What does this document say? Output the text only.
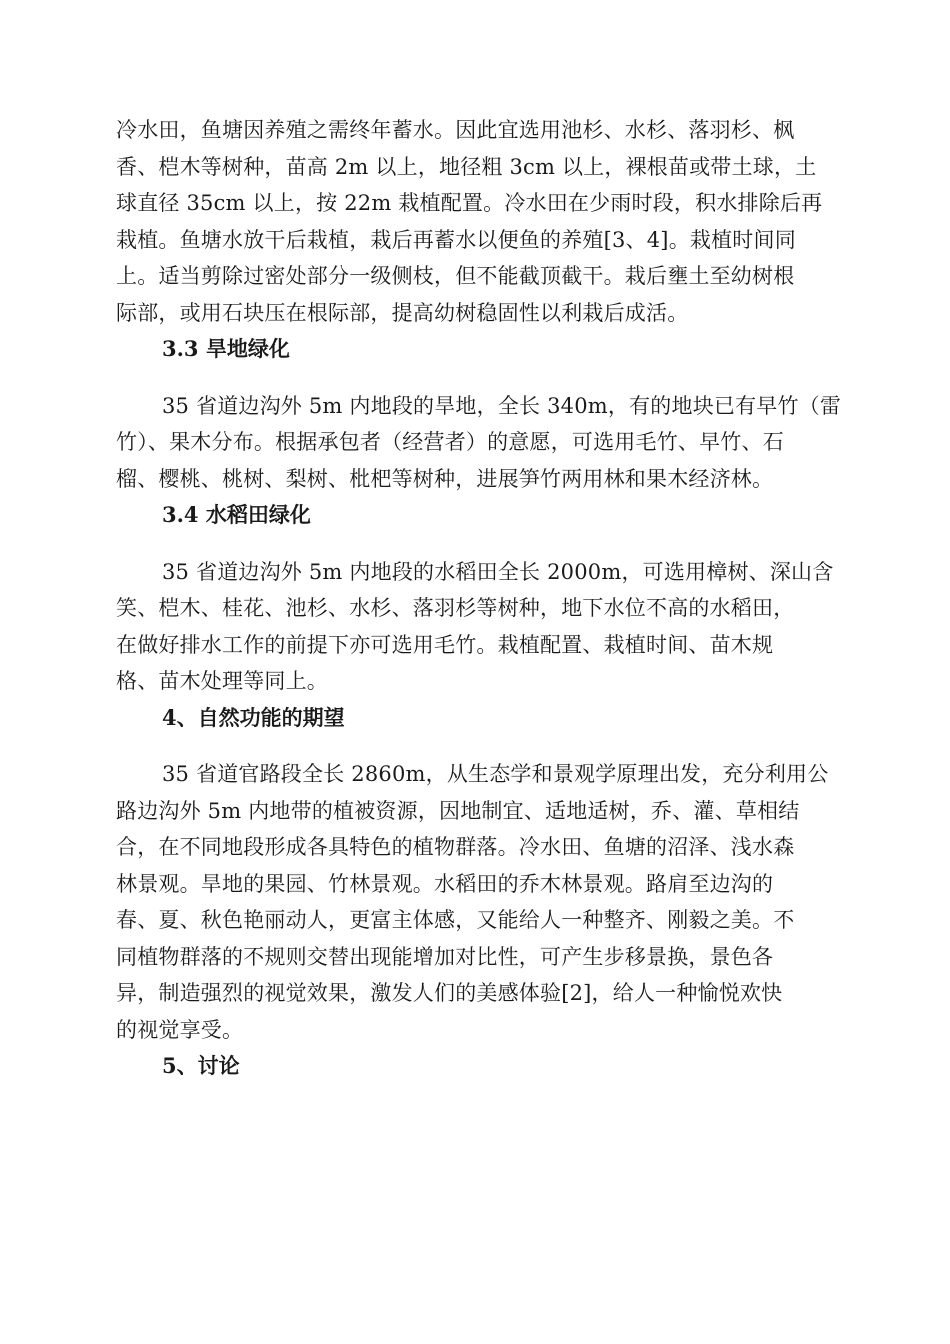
冷水田，鱼塘因养殖之需终年蓄水。因此宜选用池杉、水杉、落羽杉、枫
香、桤木等树种，苗高 2m 以上，地径粗 3cm 以上，裸根苗或带土球，土
球直径 35cm 以上，按 22m 栽植配置。冷水田在少雨时段，积水排除后再
栽植。鱼塘水放干后栽植，栽后再蓄水以便鱼的养殖[3、4]。栽植时间同
上。适当剪除过密处部分一级侧枝，但不能截顶截干。栽后壅土至幼树根
际部，或用石块压在根际部，提高幼树稳固性以利栽后成活。

3.3 旱地绿化

35 省道边沟外 5m 内地段的旱地，全长 340m，有的地块已有早竹（雷
竹）、果木分布。根据承包者（经营者）的意愿，可选用毛竹、早竹、石
榴、樱桃、桃树、梨树、枇杷等树种，进展笋竹两用林和果木经济林。

3.4 水稻田绿化

35 省道边沟外 5m 内地段的水稻田全长 2000m，可选用樟树、深山含
笑、桤木、桂花、池杉、水杉、落羽杉等树种，地下水位不高的水稻田，
在做好排水工作的前提下亦可选用毛竹。栽植配置、栽植时间、苗木规
格、苗木处理等同上。

4、自然功能的期望

35 省道官路段全长 2860m，从生态学和景观学原理出发，充分利用公
路边沟外 5m 内地带的植被资源，因地制宜、适地适树，乔、灌、草相结
合，在不同地段形成各具特色的植物群落。冷水田、鱼塘的沼泽、浅水森
林景观。旱地的果园、竹林景观。水稻田的乔木林景观。路肩至边沟的
春、夏、秋色艳丽动人，更富主体感，又能给人一种整齐、刚毅之美。不
同植物群落的不规则交替出现能增加对比性，可产生步移景换，景色各
异，制造强烈的视觉效果，激发人们的美感体验[2]，给人一种愉悦欢快
的视觉享受。

5、讨论
